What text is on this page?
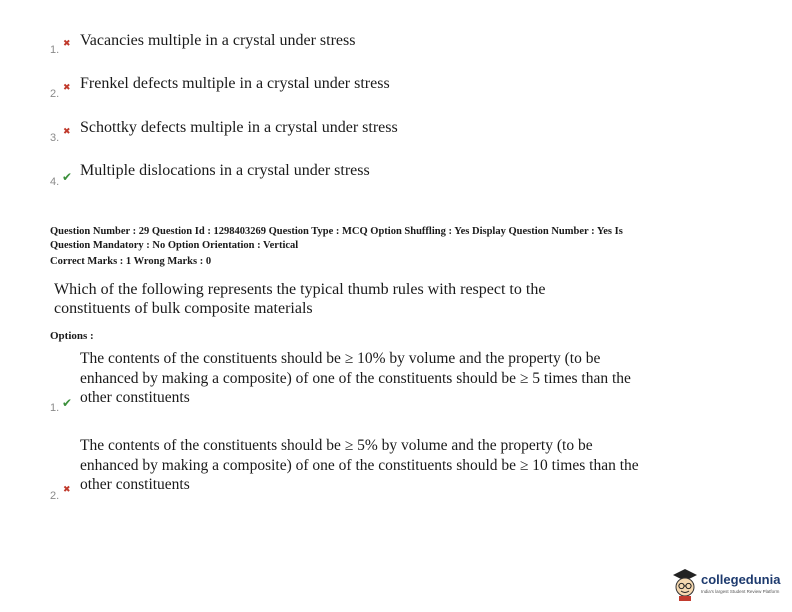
1. ✖ Vacancies multiple in a crystal under stress
2. ✖ Frenkel defects multiple in a crystal under stress
3. ✖ Schottky defects multiple in a crystal under stress
4. ✔ Multiple dislocations in a crystal under stress
Question Number : 29 Question Id : 1298403269 Question Type : MCQ Option Shuffling : Yes Display Question Number : Yes Is
Question Mandatory : No Option Orientation : Vertical
Correct Marks : 1 Wrong Marks : 0
Which of the following represents the typical thumb rules with respect to the constituents of bulk composite materials
Options :
The contents of the constituents should be ≥ 10% by volume and the property (to be enhanced by making a composite) of one of the constituents should be ≥ 5 times than the other constituents
1. ✔
The contents of the constituents should be ≥ 5% by volume and the property (to be enhanced by making a composite) of one of the constituents should be ≥ 10 times than the other constituents
2. ✖
collegedunia
India's largest Student Review Platform
